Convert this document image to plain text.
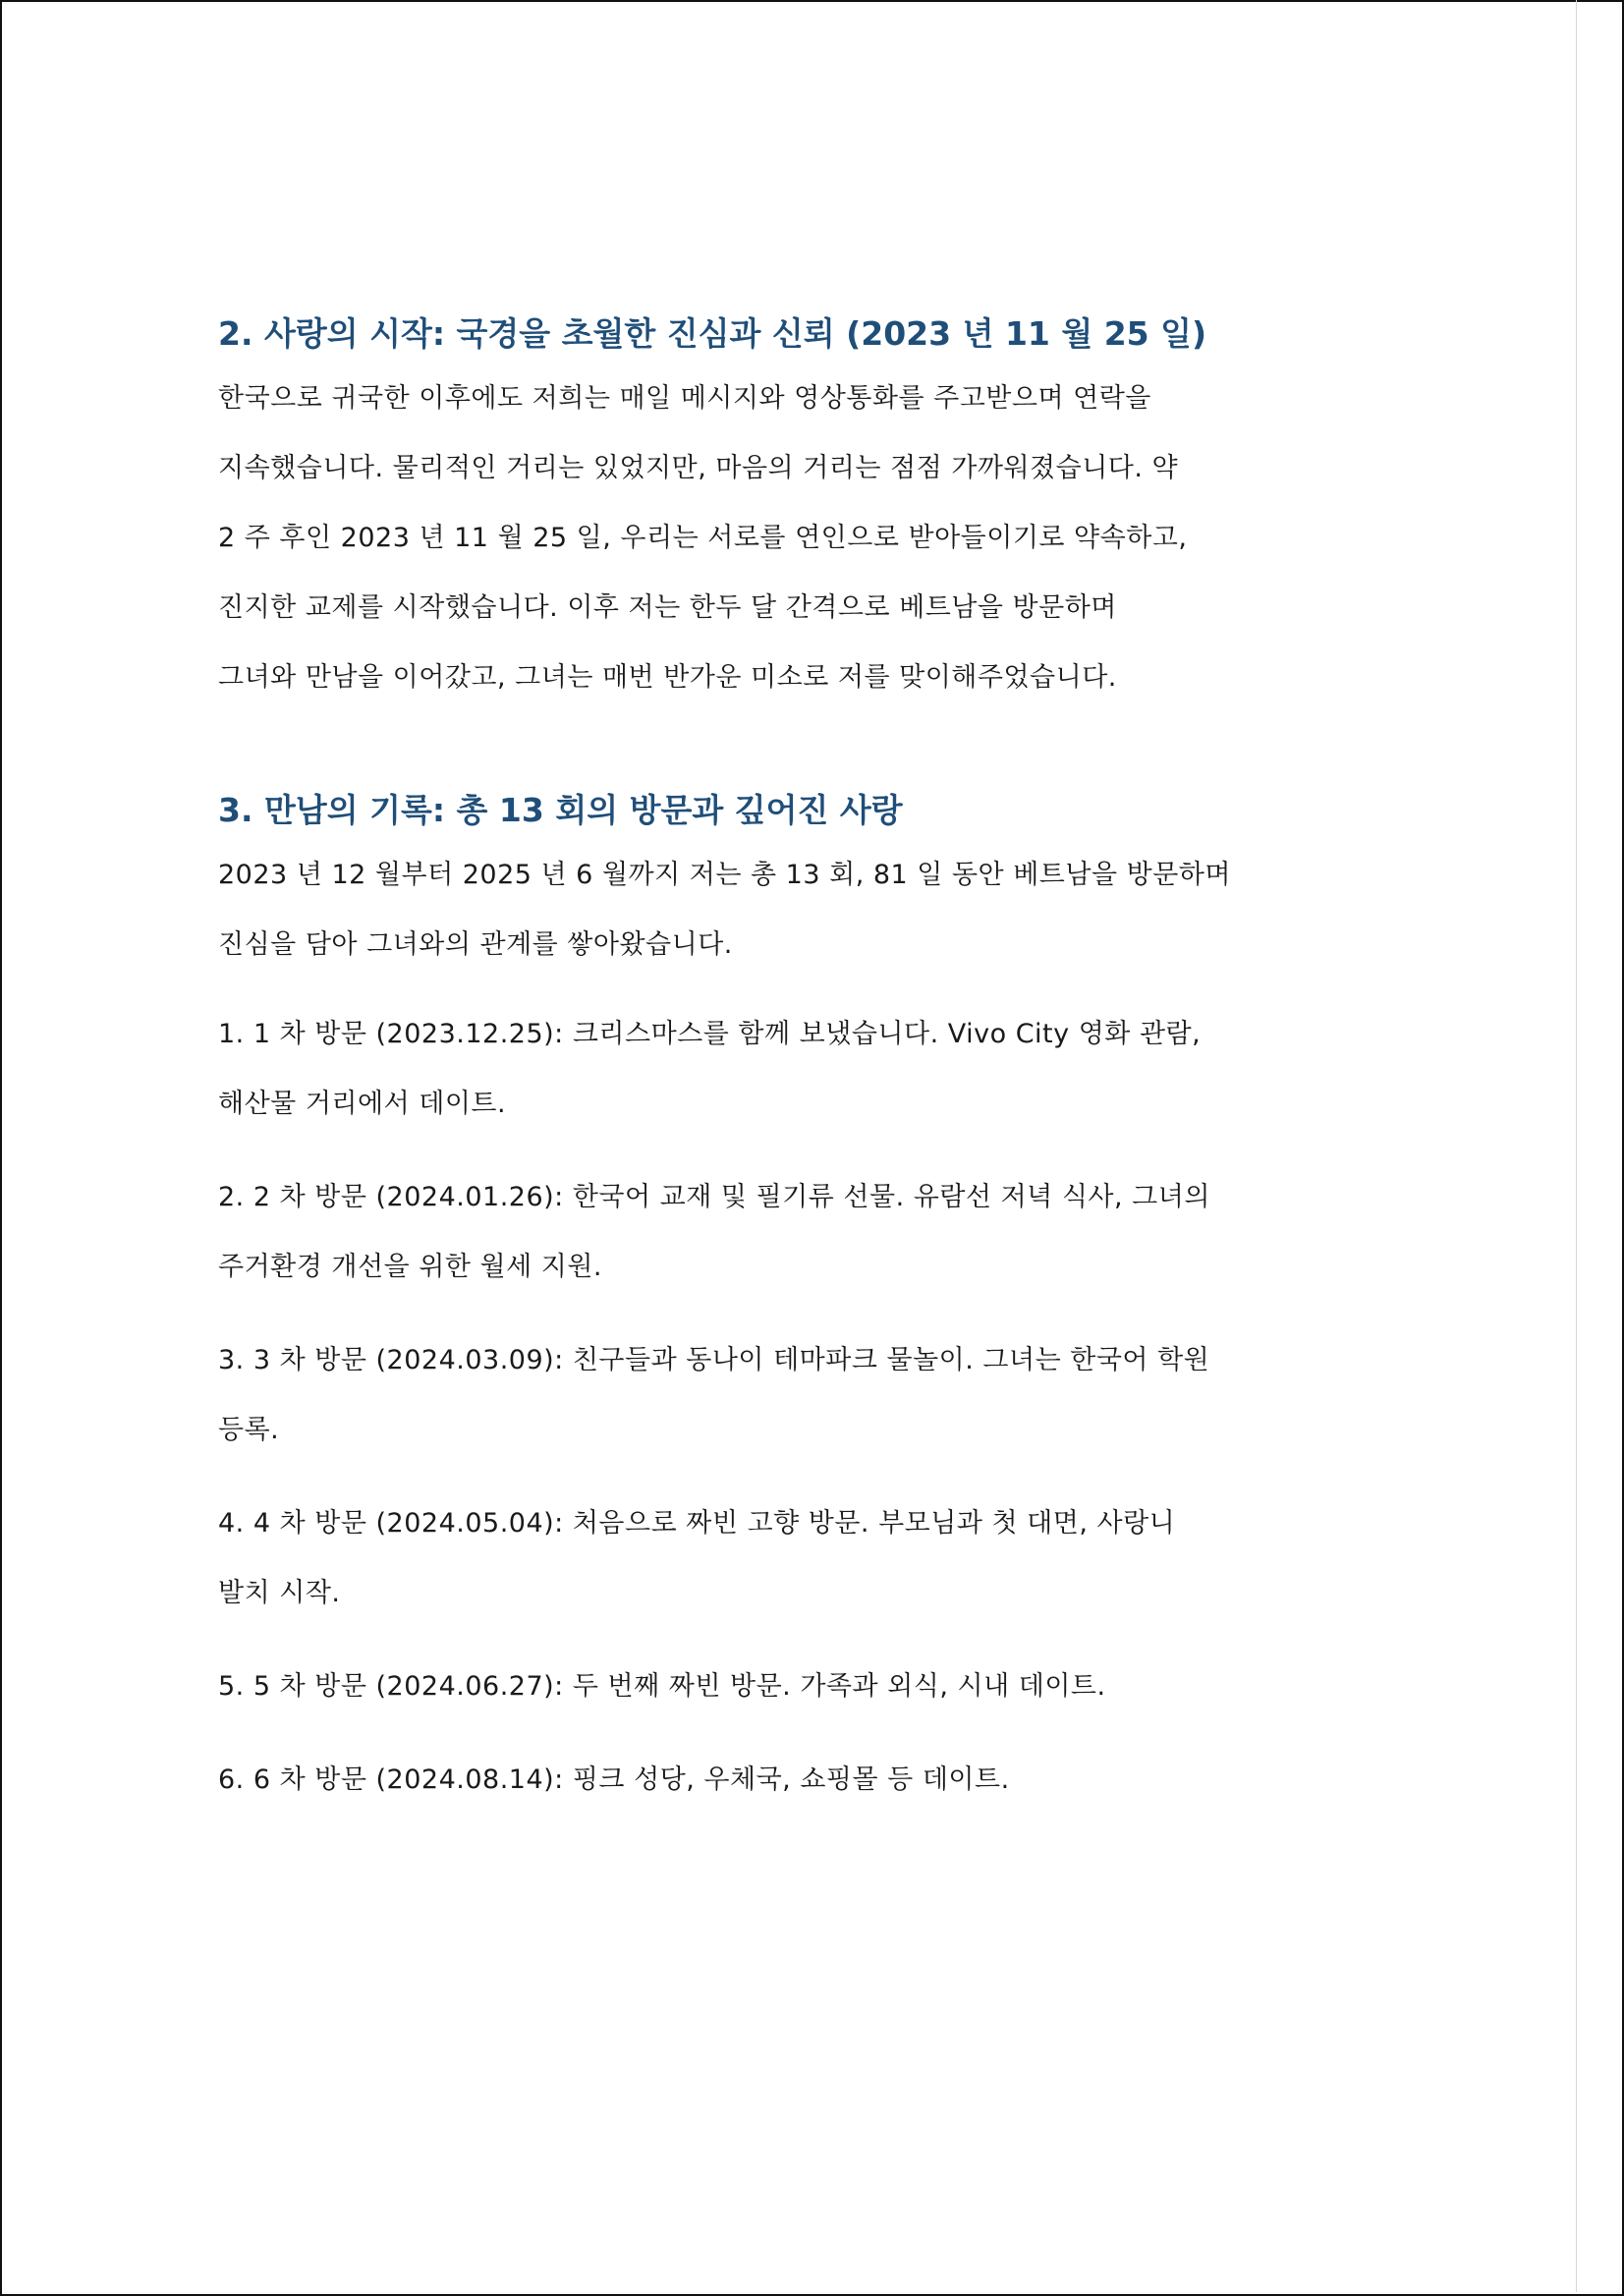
2. 사랑의 시작: 국경을 초월한 진심과 신뢰 (2023 년 11 월 25 일)

한국으로 귀국한 이후에도 저희는 매일 메시지와 영상통화를 주고받으며 연락을
지속했습니다. 물리적인 거리는 있었지만, 마음의 거리는 점점 가까워졌습니다. 약
2 주 후인 2023 년 11 월 25 일, 우리는 서로를 연인으로 받아들이기로 약속하고,
진지한 교제를 시작했습니다. 이후 저는 한두 달 간격으로 베트남을 방문하며
그녀와 만남을 이어갔고, 그녀는 매번 반가운 미소로 저를 맞이해주었습니다.

3. 만남의 기록: 총 13 회의 방문과 깊어진 사랑

2023 년 12 월부터 2025 년 6 월까지 저는 총 13 회, 81 일 동안 베트남을 방문하며
진심을 담아 그녀와의 관계를 쌓아왔습니다.

1. 1 차 방문 (2023.12.25): 크리스마스를 함께 보냈습니다. Vivo City 영화 관람,
해산물 거리에서 데이트.

2. 2 차 방문 (2024.01.26): 한국어 교재 및 필기류 선물. 유람선 저녁 식사, 그녀의
주거환경 개선을 위한 월세 지원.

3. 3 차 방문 (2024.03.09): 친구들과 동나이 테마파크 물놀이. 그녀는 한국어 학원
등록.

4. 4 차 방문 (2024.05.04): 처음으로 짜빈 고향 방문. 부모님과 첫 대면, 사랑니
발치 시작.

5. 5 차 방문 (2024.06.27): 두 번째 짜빈 방문. 가족과 외식, 시내 데이트.

6. 6 차 방문 (2024.08.14): 핑크 성당, 우체국, 쇼핑몰 등 데이트.
